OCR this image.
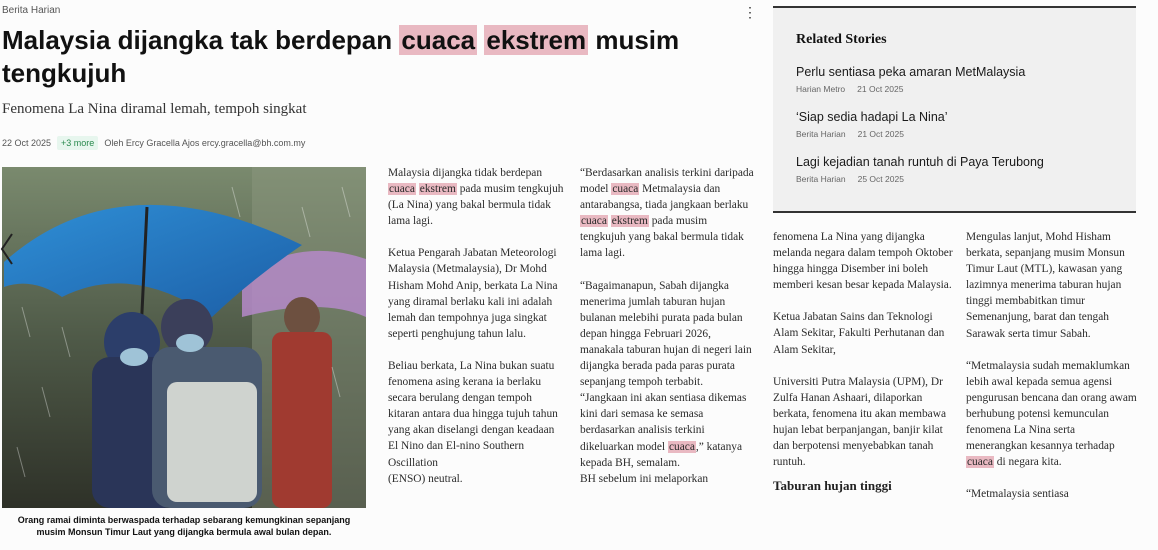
Berita Harian	⋮
Malaysia dijangka tak berdepan cuaca ekstrem musim
tengkujuh
Fenomena La Nina diramal lemah, tempoh singkat
22 Oct 2025	+3 more	Oleh Ercy Gracella Ajos ercy.gracella@bh.com.my
Orang ramai diminta berwaspada terhadap sebarang kemungkinan sepanjang
musim Monsun Timur Laut yang dijangka bermula awal bulan depan.

Malaysia dijangka tidak berdepan cuaca ekstrem pada musim tengkujuh (La Nina) yang bakal bermula tidak lama lagi.

Ketua Pengarah Jabatan Meteorologi Malaysia (Metmalaysia), Dr Mohd Hisham Mohd Anip, berkata La Nina yang diramal berlaku kali ini adalah lemah dan tempohnya juga singkat seperti penghujung tahun lalu.

Beliau berkata, La Nina bukan suatu fenomena asing kerana ia berlaku secara berulang dengan tempoh kitaran antara dua hingga tujuh tahun yang akan diselangi dengan keadaan El Nino dan El-nino Southern Oscillation

(ENSO) neutral.

“Berdasarkan analisis terkini daripada model cuaca Metmalaysia dan antarabangsa, tiada jangkaan berlaku cuaca ekstrem pada musim tengkujuh yang bakal bermula tidak lama lagi.

“Bagaimanapun, Sabah dijangka menerima jumlah taburan hujan bulanan melebihi purata pada bulan depan hingga Februari 2026, manakala taburan hujan di negeri lain dijangka berada pada paras purata sepanjang tempoh terbabit.

“Jangkaan ini akan sentiasa dikemas kini dari semasa ke semasa berdasarkan analisis terkini dikeluarkan model cuaca,” katanya kepada BH, semalam.

BH sebelum ini melaporkan

fenomena La Nina yang dijangka melanda negara dalam tempoh Oktober hingga hingga Disember ini boleh memberi kesan besar kepada Malaysia.

Ketua Jabatan Sains dan Teknologi Alam Sekitar, Fakulti Perhutanan dan Alam Sekitar,

Universiti Putra Malaysia (UPM), Dr Zulfa Hanan Ashaari, dilaporkan berkata, fenomena itu akan membawa hujan lebat berpanjangan, banjir kilat dan berpotensi menyebabkan tanah runtuh.

Taburan hujan tinggi

Mengulas lanjut, Mohd Hisham berkata, sepanjang musim Monsun Timur Laut (MTL), kawasan yang lazimnya menerima taburan hujan tinggi membabitkan timur Semenanjung, barat dan tengah Sarawak serta timur Sabah.

“Metmalaysia sudah memaklumkan lebih awal kepada semua agensi pengurusan bencana dan orang awam berhubung potensi kemunculan fenomena La Nina serta menerangkan kesannya terhadap cuaca di negara kita.

“Metmalaysia sentiasa

Related Stories
Perlu sentiasa peka amaran MetMalaysia
Harian Metro 21 Oct 2025
‘Siap sedia hadapi La Nina’
Berita Harian 21 Oct 2025
Lagi kejadian tanah runtuh di Paya Terubong
Berita Harian 25 Oct 2025
